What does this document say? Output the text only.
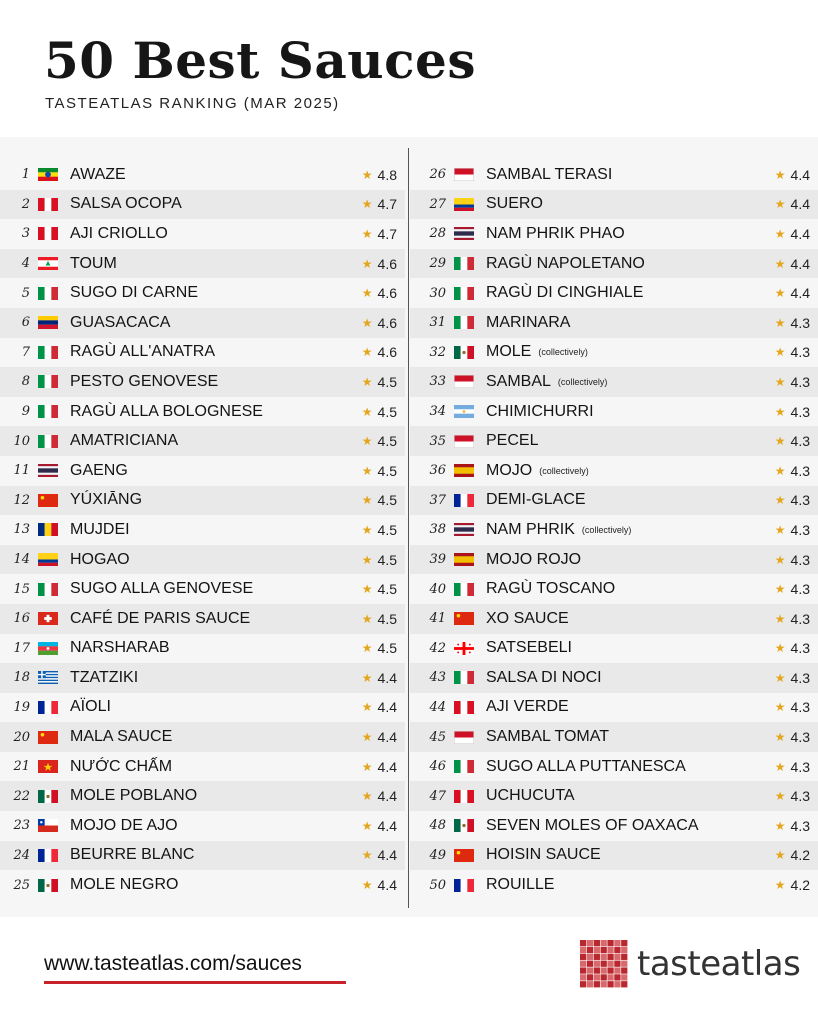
50 Best Sauces
TASTEATLAS RANKING (MAR 2025)
1	AWAZE	★ 4.8
2	SALSA OCOPA	★ 4.7
3	AJI CRIOLLO	★ 4.7
4	TOUM	★ 4.6
5	SUGO DI CARNE	★ 4.6
6	GUASACACA	★ 4.6
7	RAGÙ ALL'ANATRA	★ 4.6
8	PESTO GENOVESE	★ 4.5
9	RAGÙ ALLA BOLOGNESE	★ 4.5
10	AMATRICIANA	★ 4.5
11	GAENG	★ 4.5
12	YÚXIĀNG	★ 4.5
13	MUJDEI	★ 4.5
14	HOGAO	★ 4.5
15	SUGO ALLA GENOVESE	★ 4.5
16	CAFÉ DE PARIS SAUCE	★ 4.5
17	NARSHARAB	★ 4.5
18	TZATZIKI	★ 4.4
19	AÏOLI	★ 4.4
20	MALA SAUCE	★ 4.4
21	NƯỚC CHẤM	★ 4.4
22	MOLE POBLANO	★ 4.4
23	MOJO DE AJO	★ 4.4
24	BEURRE BLANC	★ 4.4
25	MOLE NEGRO	★ 4.4
26	SAMBAL TERASI	★ 4.4
27	SUERO	★ 4.4
28	NAM PHRIK PHAO	★ 4.4
29	RAGÙ NAPOLETANO	★ 4.4
30	RAGÙ DI CINGHIALE	★ 4.4
31	MARINARA	★ 4.3
32	MOLE (collectively)	★ 4.3
33	SAMBAL (collectively)	★ 4.3
34	CHIMICHURRI	★ 4.3
35	PECEL	★ 4.3
36	MOJO (collectively)	★ 4.3
37	DEMI-GLACE	★ 4.3
38	NAM PHRIK (collectively)	★ 4.3
39	MOJO ROJO	★ 4.3
40	RAGÙ TOSCANO	★ 4.3
41	XO SAUCE	★ 4.3
42	SATSEBELI	★ 4.3
43	SALSA DI NOCI	★ 4.3
44	AJI VERDE	★ 4.3
45	SAMBAL TOMAT	★ 4.3
46	SUGO ALLA PUTTANESCA	★ 4.3
47	UCHUCUTA	★ 4.3
48	SEVEN MOLES OF OAXACA	★ 4.3
49	HOISIN SAUCE	★ 4.2
50	ROUILLE	★ 4.2
www.tasteatlas.com/sauces	tasteatlas
